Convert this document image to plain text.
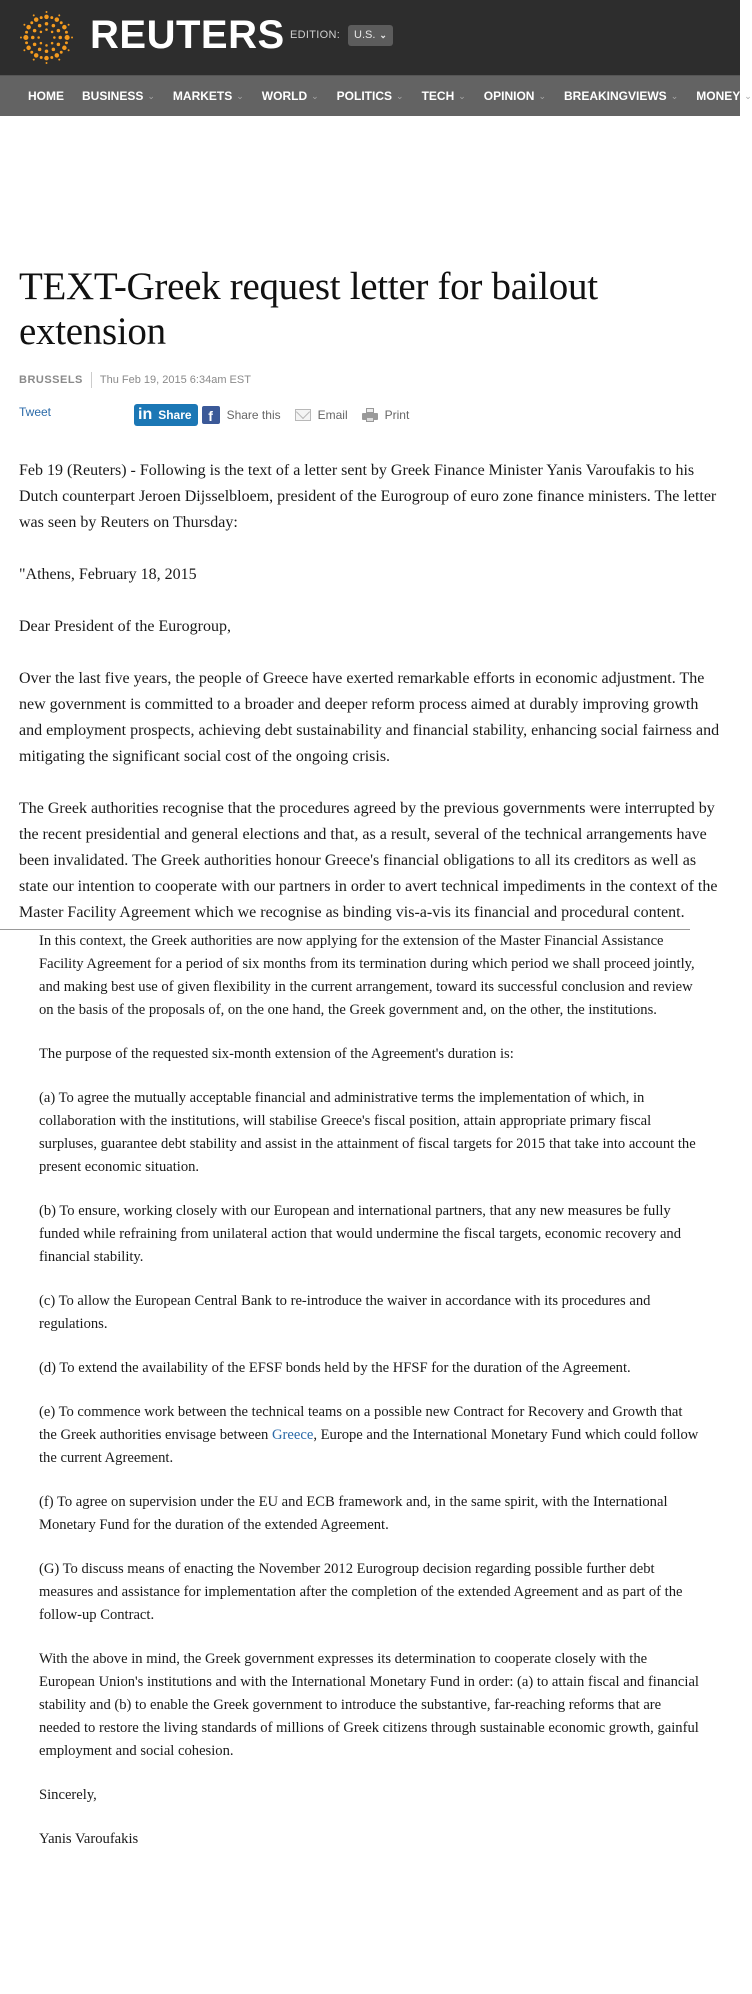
REUTERS EDITION: U.S. ⌄
HOME BUSINESS ⌄ MARKETS ⌄ WORLD ⌄ POLITICS ⌄ TECH ⌄ OPINION ⌄ BREAKINGVIEWS ⌄ MONEY ⌄
TEXT-Greek request letter for bailout extension
BRUSSELS Thu Feb 19, 2015 6:34am EST
Tweet	in Share	f	Share this	Email	Print

Feb 19 (Reuters) - Following is the text of a letter sent by Greek Finance Minister Yanis Varoufakis to his Dutch counterpart Jeroen Dijsselbloem, president of the Eurogroup of euro zone finance ministers. The letter was seen by Reuters on Thursday:

"Athens, February 18, 2015

Dear President of the Eurogroup,

Over the last five years, the people of Greece have exerted remarkable efforts in economic adjustment. The new government is committed to a broader and deeper reform process aimed at durably improving growth and employment prospects, achieving debt sustainability and financial stability, enhancing social fairness and mitigating the significant social cost of the ongoing crisis.

The Greek authorities recognise that the procedures agreed by the previous governments were interrupted by the recent presidential and general elections and that, as a result, several of the technical arrangements have been invalidated. The Greek authorities honour Greece's financial obligations to all its creditors as well as state our intention to cooperate with our partners in order to avert technical impediments in the context of the Master Facility Agreement which we recognise as binding vis-a-vis its financial and procedural content.

In this context, the Greek authorities are now applying for the extension of the Master Financial Assistance Facility Agreement for a period of six months from its termination during which period we shall proceed jointly, and making best use of given flexibility in the current arrangement, toward its successful conclusion and review on the basis of the proposals of, on the one hand, the Greek government and, on the other, the institutions.

The purpose of the requested six-month extension of the Agreement's duration is:

(a) To agree the mutually acceptable financial and administrative terms the implementation of which, in collaboration with the institutions, will stabilise Greece's fiscal position, attain appropriate primary fiscal surpluses, guarantee debt stability and assist in the attainment of fiscal targets for 2015 that take into account the present economic situation.

(b) To ensure, working closely with our European and international partners, that any new measures be fully funded while refraining from unilateral action that would undermine the fiscal targets, economic recovery and financial stability.

(c) To allow the European Central Bank to re-introduce the waiver in accordance with its procedures and regulations.

(d) To extend the availability of the EFSF bonds held by the HFSF for the duration of the Agreement.

(e) To commence work between the technical teams on a possible new Contract for Recovery and Growth that the Greek authorities envisage between Greece, Europe and the International Monetary Fund which could follow the current Agreement.

(f) To agree on supervision under the EU and ECB framework and, in the same spirit, with the International Monetary Fund for the duration of the extended Agreement.

(G) To discuss means of enacting the November 2012 Eurogroup decision regarding possible further debt measures and assistance for implementation after the completion of the extended Agreement and as part of the follow-up Contract.

With the above in mind, the Greek government expresses its determination to cooperate closely with the European Union's institutions and with the International Monetary Fund in order: (a) to attain fiscal and financial stability and (b) to enable the Greek government to introduce the substantive, far-reaching reforms that are needed to restore the living standards of millions of Greek citizens through sustainable economic growth, gainful employment and social cohesion.

Sincerely,

Yanis Varoufakis
